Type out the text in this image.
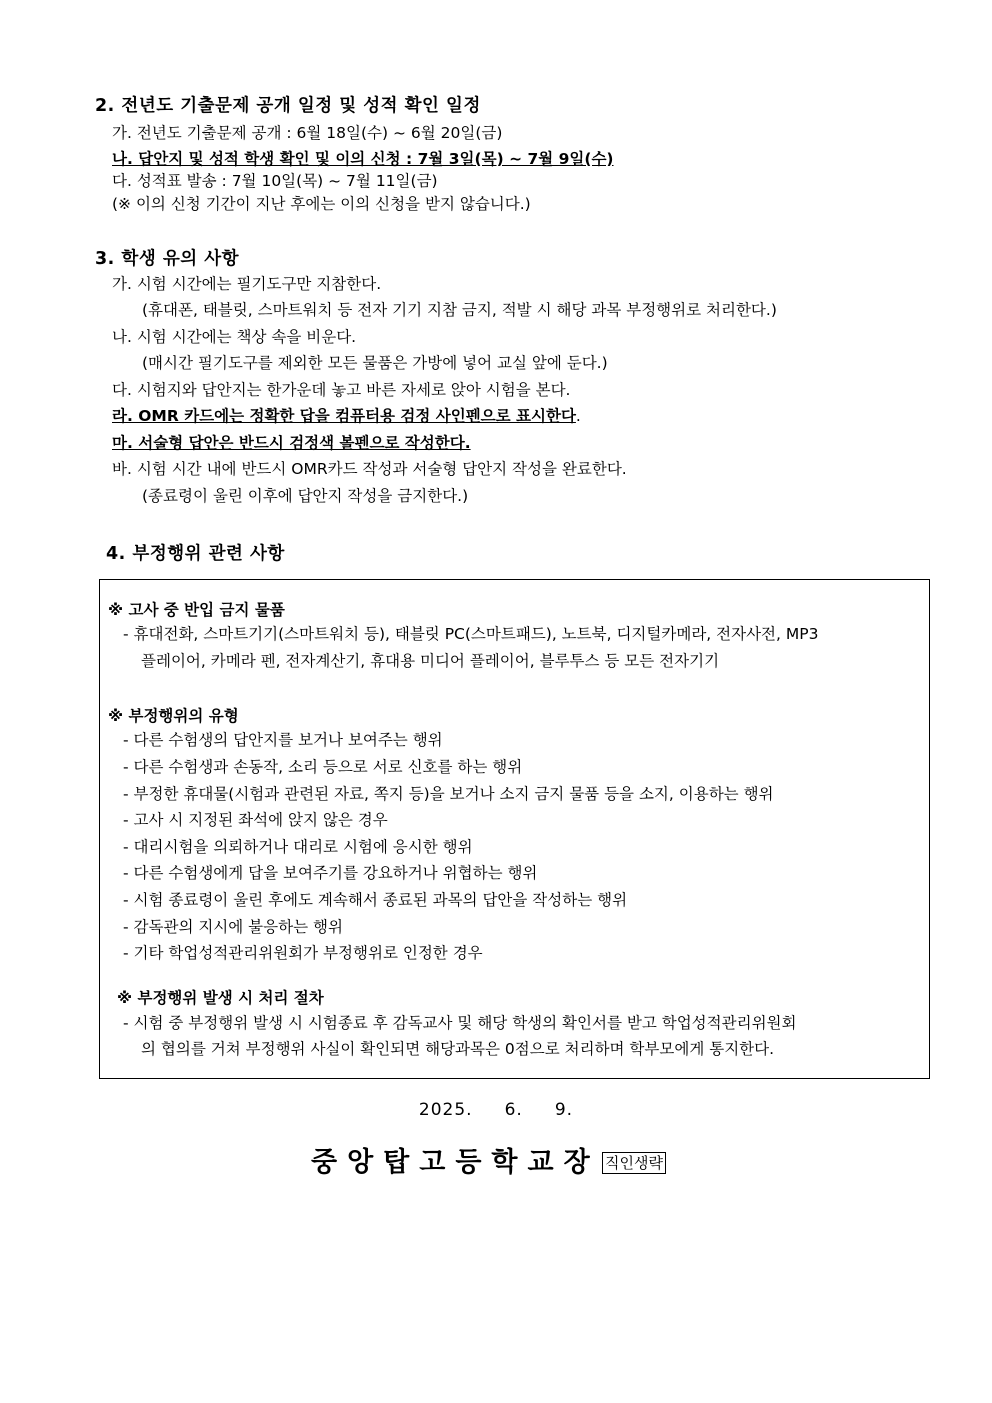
2. 전년도 기출문제 공개 일정 및 성적 확인 일정
가. 전년도 기출문제 공개 : 6월 18일(수) ~ 6월 20일(금)
나. 답안지 및 성적 학생 확인 및 이의 신청 : 7월 3일(목) ~ 7월 9일(수)
다. 성적표 발송 : 7월 10일(목) ~ 7월 11일(금)
(※ 이의 신청 기간이 지난 후에는 이의 신청을 받지 않습니다.)
3. 학생 유의 사항
가. 시험 시간에는 필기도구만 지참한다.
(휴대폰, 태블릿, 스마트워치 등 전자 기기 지참 금지, 적발 시 해당 과목 부정행위로 처리한다.)
나. 시험 시간에는 책상 속을 비운다.
(매시간 필기도구를 제외한 모든 물품은 가방에 넣어 교실 앞에 둔다.)
다. 시험지와 답안지는 한가운데 놓고 바른 자세로 앉아 시험을 본다.
라. OMR 카드에는 정확한 답을 컴퓨터용 검정 사인펜으로 표시한다.
마. 서술형 답안은 반드시 검정색 볼펜으로 작성한다.
바. 시험 시간 내에 반드시 OMR카드 작성과 서술형 답안지 작성을 완료한다.
(종료령이 울린 이후에 답안지 작성을 금지한다.)
4. 부정행위 관련 사항
※ 고사 중 반입 금지 물품
- 휴대전화, 스마트기기(스마트워치 등), 태블릿 PC(스마트패드), 노트북, 디지털카메라, 전자사전, MP3
플레이어, 카메라 펜, 전자계산기, 휴대용 미디어 플레이어, 블루투스 등 모든 전자기기
※ 부정행위의 유형
- 다른 수험생의 답안지를 보거나 보여주는 행위
- 다른 수험생과 손동작, 소리 등으로 서로 신호를 하는 행위
- 부정한 휴대물(시험과 관련된 자료, 쪽지 등)을 보거나 소지 금지 물품 등을 소지, 이용하는 행위
- 고사 시 지정된 좌석에 앉지 않은 경우
- 대리시험을 의뢰하거나 대리로 시험에 응시한 행위
- 다른 수험생에게 답을 보여주기를 강요하거나 위협하는 행위
- 시험 종료령이 울린 후에도 계속해서 종료된 과목의 답안을 작성하는 행위
- 감독관의 지시에 불응하는 행위
- 기타 학업성적관리위원회가 부정행위로 인정한 경우
※ 부정행위 발생 시 처리 절차
- 시험 중 부정행위 발생 시 시험종료 후 감독교사 및 해당 학생의 확인서를 받고 학업성적관리위원회
의 협의를 거쳐 부정행위 사실이 확인되면 해당과목은 0점으로 처리하며 학부모에게 통지한다.
2025.     6.     9.
중앙탑고등학교장 직인생략
